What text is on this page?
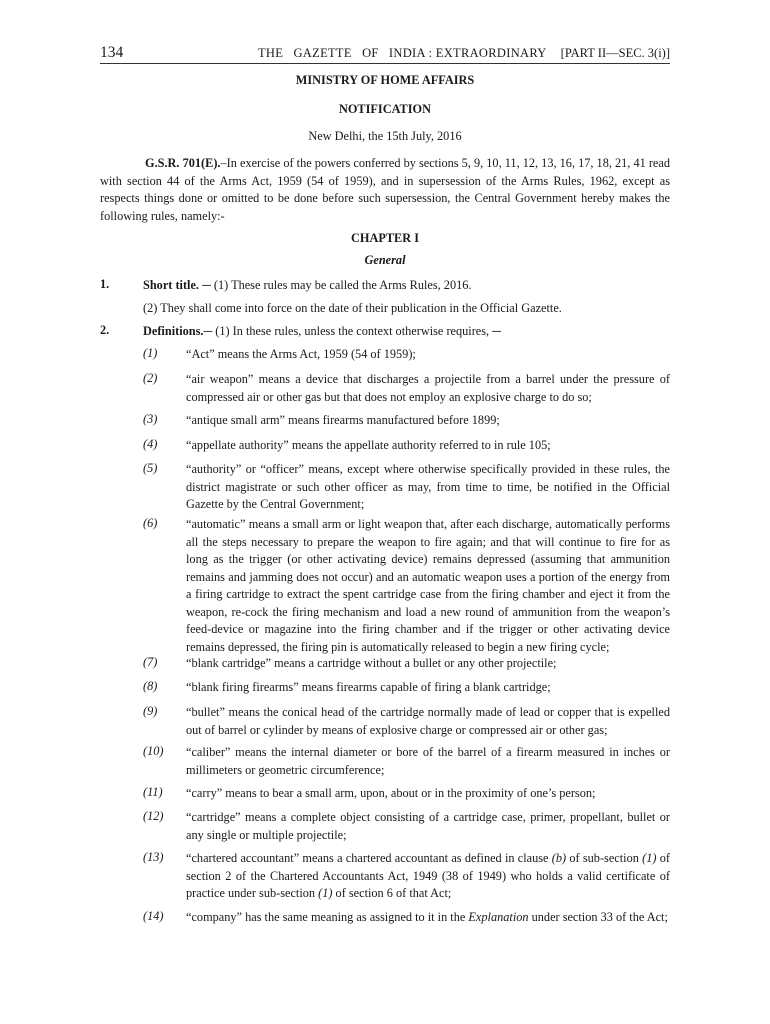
134	THE   GAZETTE   OF   INDIA : EXTRAORDINARY [PART II—SEC. 3(i)]
MINISTRY OF HOME AFFAIRS
NOTIFICATION
New Delhi, the 15th July, 2016
G.S.R. 701(E).–In exercise of the powers conferred by sections 5, 9, 10, 11, 12, 13, 16, 17, 18, 21, 41 read with section 44 of the Arms Act, 1959 (54 of 1959), and in supersession of the Arms Rules, 1962, except as respects things done or omitted to be done before such supersession, the Central Government hereby makes the following rules, namely:-
CHAPTER I
General
1.	Short title. ─ (1) These rules may be called the Arms Rules, 2016.
(2) They shall come into force on the date of their publication in the Official Gazette.
2.	Definitions.─ (1) In these rules, unless the context otherwise requires, ─
(1)	“Act” means the Arms Act, 1959 (54 of 1959);
(2)	“air weapon” means a device that discharges a projectile from a barrel under the pressure of compressed air or other gas but that does not employ an explosive charge to do so;
(3)	“antique small arm” means firearms manufactured before 1899;
(4)	“appellate authority” means the appellate authority referred to in rule 105;
(5)	“authority” or “officer” means, except where otherwise specifically provided in these rules, the district magistrate or such other officer as may, from time to time, be notified in the Official Gazette by the Central Government;
(6)	“automatic” means a small arm or light weapon that, after each discharge, automatically performs all the steps necessary to prepare the weapon to fire again; and that will continue to fire for as long as the trigger (or other activating device) remains depressed (assuming that ammunition remains and jamming does not occur) and an automatic weapon uses a portion of the energy from a firing cartridge to extract the spent cartridge case from the firing chamber and eject it from the weapon, re-cock the firing mechanism and load a new round of ammunition from the weapon’s feed-device or magazine into the firing chamber and if the trigger or other activating device remains depressed, the firing pin is automatically released to begin a new firing cycle;
(7)	“blank cartridge” means a cartridge without a bullet or any other projectile;
(8)	“blank firing firearms” means firearms capable of firing a blank cartridge;
(9)	“bullet” means the conical head of the cartridge normally made of lead or copper that is expelled out of barrel or cylinder by means of explosive charge or compressed air or other gas;
(10)	“caliber” means the internal diameter or bore of the barrel of a firearm measured in inches or millimeters or geometric circumference;
(11)	“carry” means to bear a small arm, upon, about or in the proximity of one’s person;
(12)	“cartridge” means a complete object consisting of a cartridge case, primer, propellant, bullet or any single or multiple projectile;
(13)	“chartered accountant” means a chartered accountant as defined in clause (b) of sub-section (1) of section 2 of the Chartered Accountants Act, 1949 (38 of 1949) who holds a valid certificate of practice under sub-section (1) of section 6 of that Act;
(14)	“company” has the same meaning as assigned to it in the Explanation under section 33 of the Act;
